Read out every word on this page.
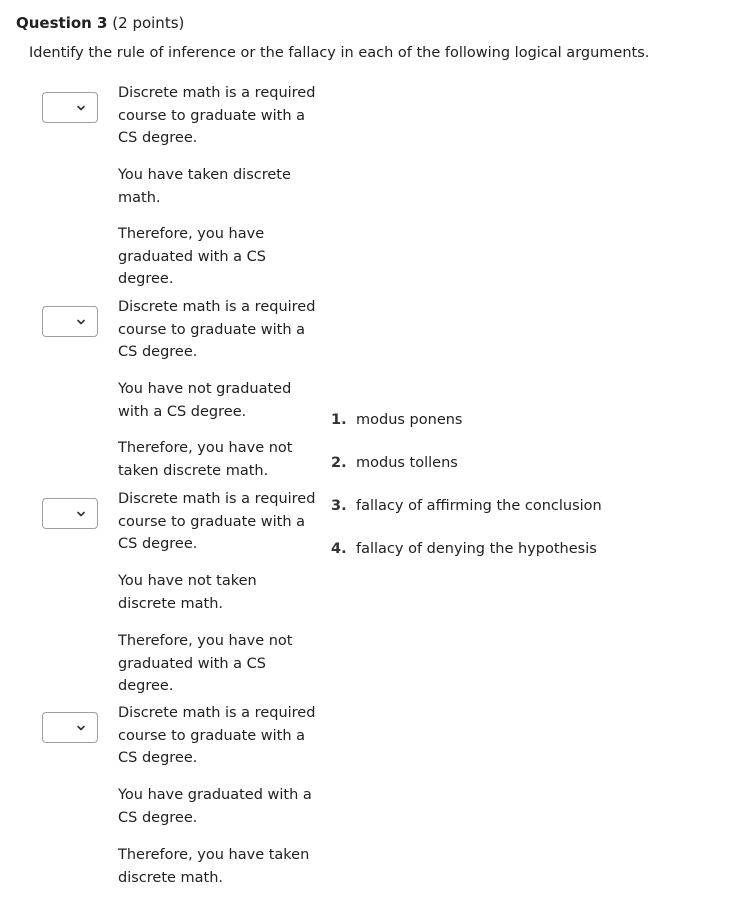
Question 3 (2 points)
Identify the rule of inference or the fallacy in each of the following logical arguments.

Discrete math is a required course to graduate with a CS degree.

You have taken discrete math.

Therefore, you have graduated with a CS degree.

Discrete math is a required course to graduate with a CS degree.

You have not graduated with a CS degree.

Therefore, you have not taken discrete math.

Discrete math is a required course to graduate with a CS degree.

You have not taken discrete math.

Therefore, you have not graduated with a CS degree.

Discrete math is a required course to graduate with a CS degree.

You have graduated with a CS degree.

Therefore, you have taken discrete math.

1. modus ponens
2. modus tollens
3. fallacy of affirming the conclusion
4. fallacy of denying the hypothesis
